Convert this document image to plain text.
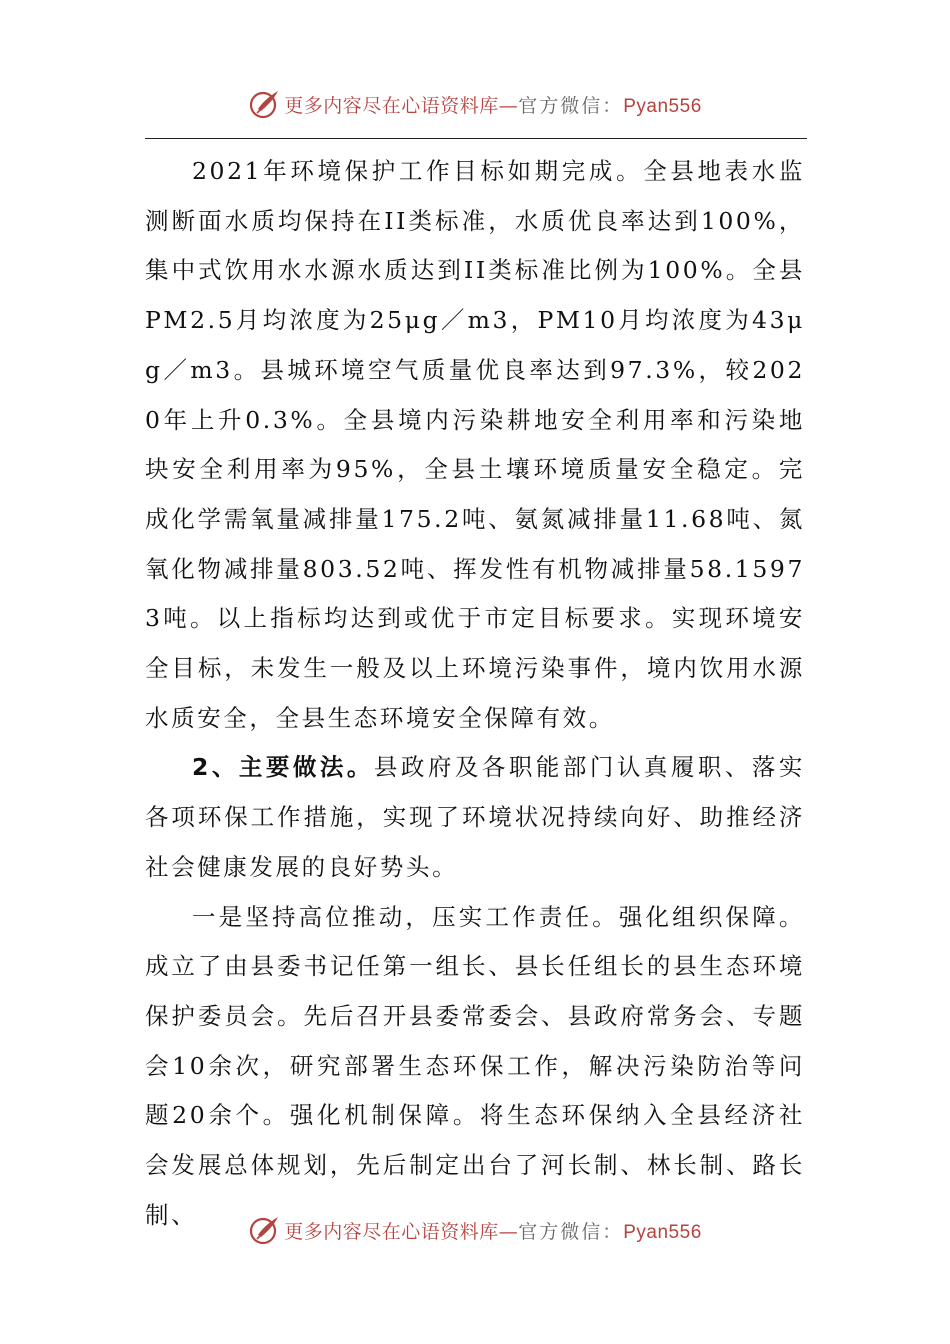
更多内容尽在心语资料库—官方微信：Pyan556

2021年环境保护工作目标如期完成。全县地表水监测断面水质均保持在II类标准，水质优良率达到100%，集中式饮用水水源水质达到II类标准比例为100%。全县PM2.5月均浓度为25μg／m3，PM10月均浓度为43μg／m3。县城环境空气质量优良率达到97.3%，较2020年上升0.3%。全县境内污染耕地安全利用率和污染地块安全利用率为95%，全县土壤环境质量安全稳定。完成化学需氧量减排量175.2吨、氨氮减排量11.68吨、氮氧化物减排量803.52吨、挥发性有机物减排量58.15973吨。以上指标均达到或优于市定目标要求。实现环境安全目标，未发生一般及以上环境污染事件，境内饮用水源水质安全，全县生态环境安全保障有效。

2、主要做法。县政府及各职能部门认真履职、落实各项环保工作措施，实现了环境状况持续向好、助推经济社会健康发展的良好势头。

一是坚持高位推动，压实工作责任。强化组织保障。成立了由县委书记任第一组长、县长任组长的县生态环境保护委员会。先后召开县委常委会、县政府常务会、专题会10余次，研究部署生态环保工作，解决污染防治等问题20余个。强化机制保障。将生态环保纳入全县经济社会发展总体规划，先后制定出台了河长制、林长制、路长制、

更多内容尽在心语资料库—官方微信：Pyan556
